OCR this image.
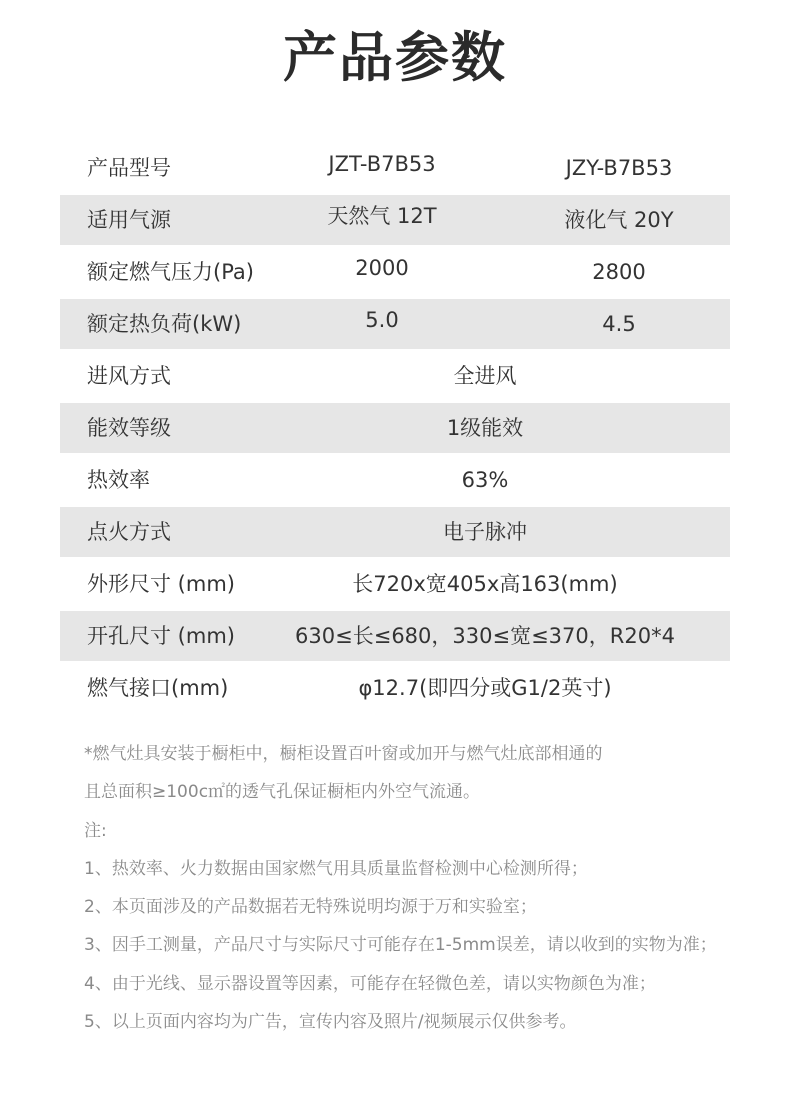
产品参数
产品型号	JZT-B7B53	JZY-B7B53
适用气源	天然气 12T	液化气 20Y
额定燃气压力(Pa)	2000	2800
额定热负荷(kW)	5.0	4.5
进风方式	全进风
能效等级	1级能效
热效率	63%
点火方式	电子脉冲
外形尺寸 (mm)	长720x宽405x高163(mm)
开孔尺寸 (mm)	630≤长≤680，330≤宽≤370，R20*4
燃气接口(mm)	φ12.7(即四分或G1/2英寸)

*燃气灶具安装于橱柜中，橱柜设置百叶窗或加开与燃气灶底部相通的

且总面积≥100c㎡的透气孔保证橱柜内外空气流通。

注:

1、热效率、火力数据由国家燃气用具质量监督检测中心检测所得；

2、本页面涉及的产品数据若无特殊说明均源于万和实验室；

3、因手工测量，产品尺寸与实际尺寸可能存在1-5mm误差，请以收到的实物为准；

4、由于光线、显示器设置等因素，可能存在轻微色差，请以实物颜色为准；

5、以上页面内容均为广告，宣传内容及照片/视频展示仅供参考。
